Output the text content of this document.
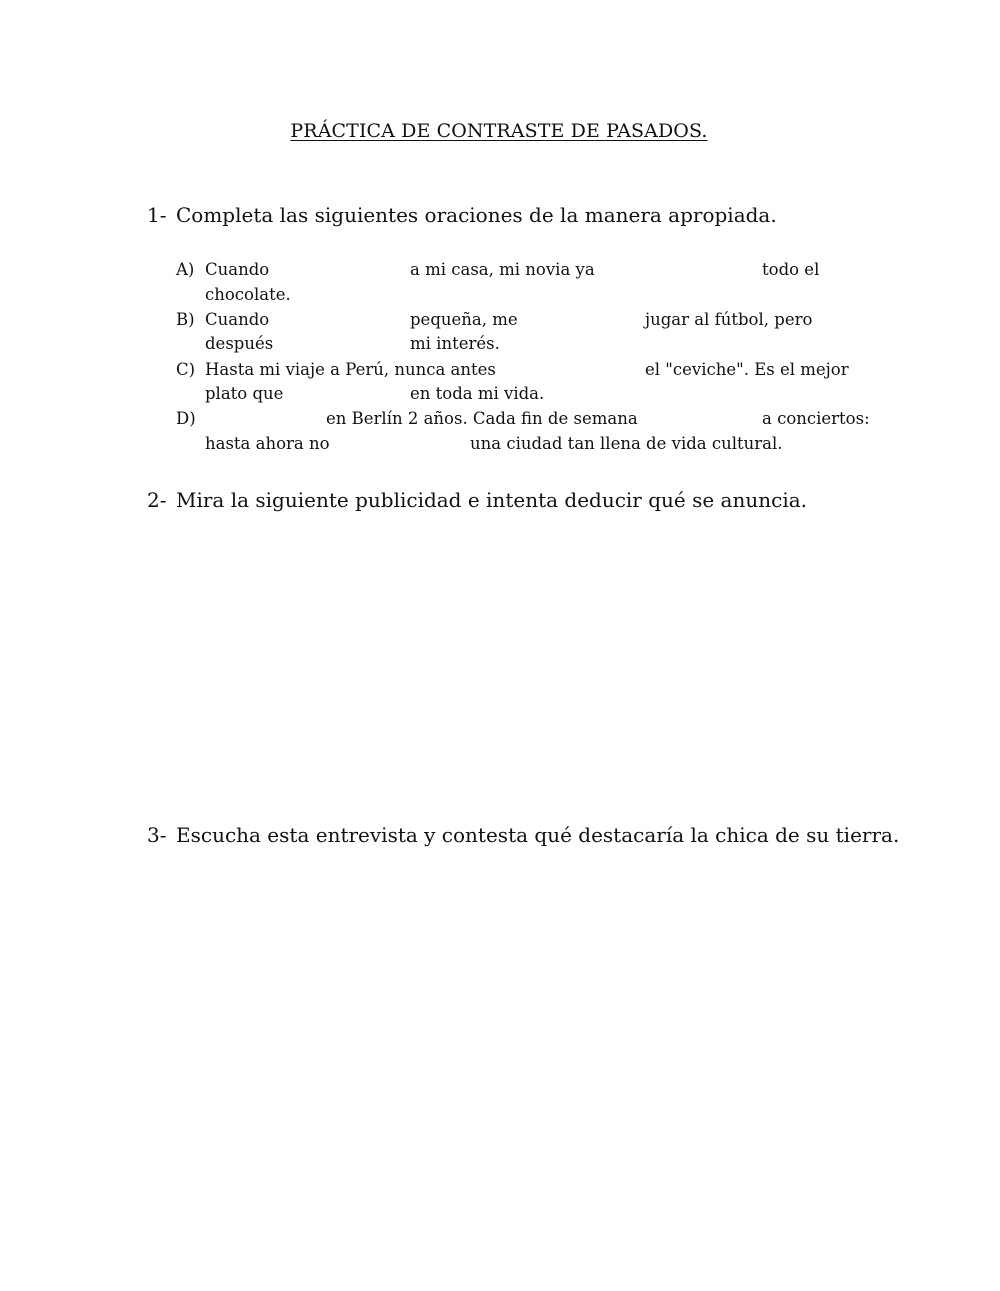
PRÁCTICA DE CONTRASTE DE PASADOS.
1- Completa las siguientes oraciones de la manera apropiada.
A) Cuando	a mi casa, mi novia ya	todo el
chocolate.
B) Cuando	pequeña, me	jugar al fútbol, pero
después	mi interés.
C) Hasta mi viaje a Perú, nunca antes	el "ceviche". Es el mejor
plato que	en toda mi vida.
D)	en Berlín 2 años. Cada fin de semana	a conciertos:
hasta ahora no	una ciudad tan llena de vida cultural.
2- Mira la siguiente publicidad e intenta deducir qué se anuncia.
3- Escucha esta entrevista y contesta qué destacaría la chica de su tierra.
